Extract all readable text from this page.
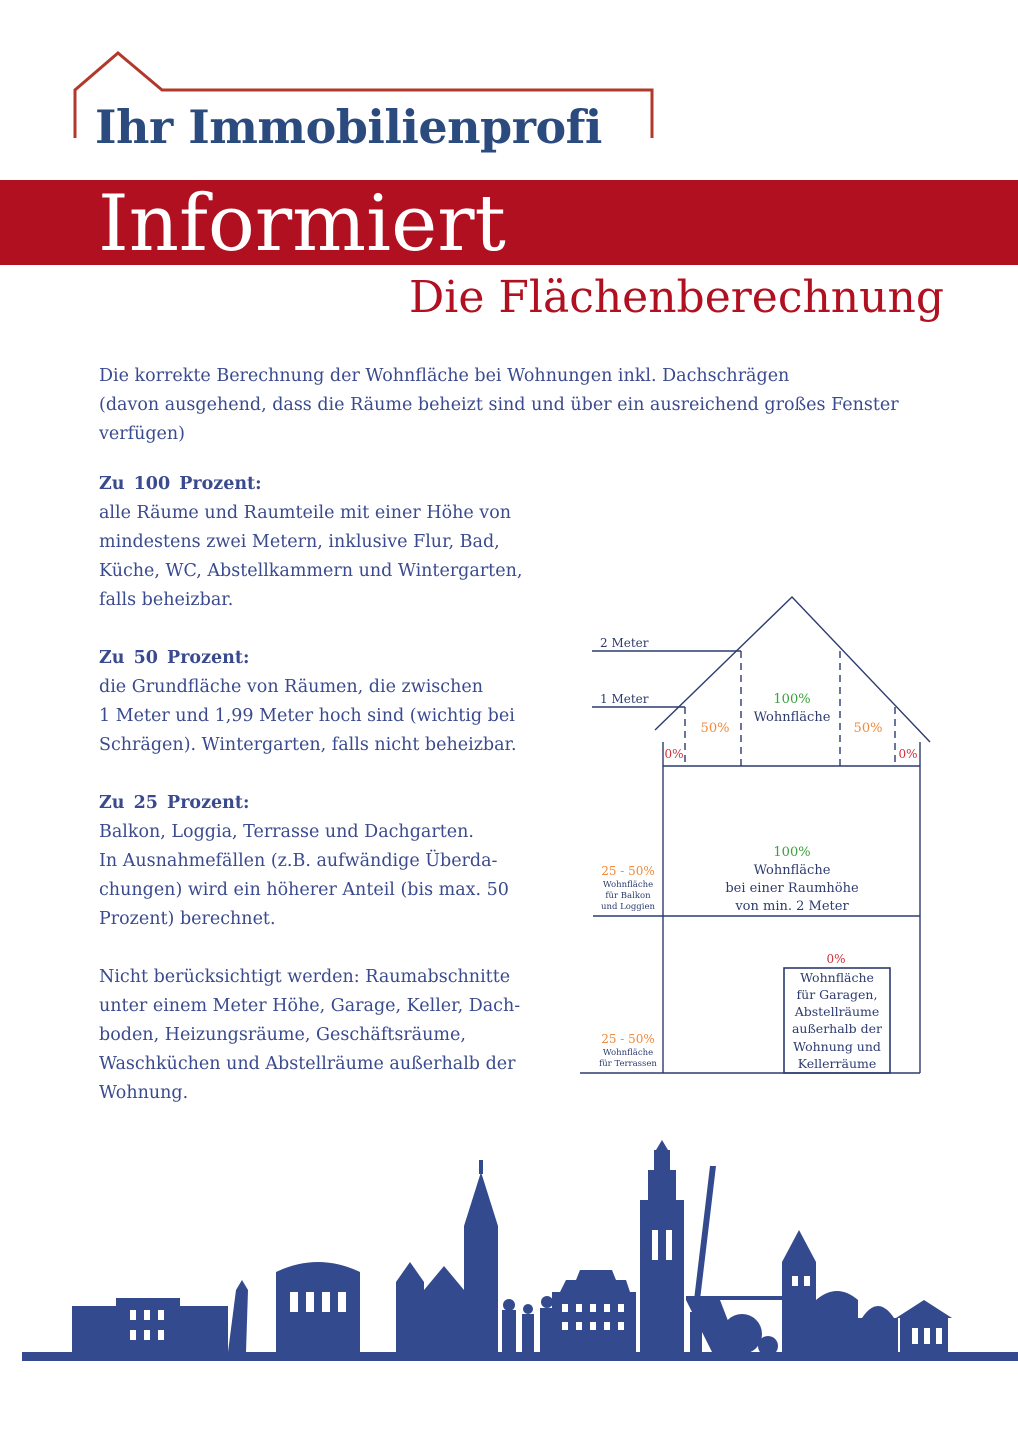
Ihr Immobilienprofi
Informiert
Die Flächenberechnung

Die korrekte Berechnung der Wohnfläche bei Wohnungen inkl. Dachschrägen

(davon ausgehend, dass die Räume beheizt sind und über ein ausreichend großes Fenster

verfügen)

Zu 100 Prozent:
alle Räume und Raumteile mit einer Höhe von
mindestens zwei Metern, inklusive Flur, Bad,
Küche, WC, Abstellkammern und Wintergarten,
falls beheizbar.
Zu 50 Prozent:
die Grundfläche von Räumen, die zwischen
1 Meter und 1,99 Meter hoch sind (wichtig bei
Schrägen). Wintergarten, falls nicht beheizbar.
Zu 25 Prozent:
Balkon, Loggia, Terrasse und Dachgarten.
In Ausnahmefällen (z.B. aufwändige Überda-
chungen) wird ein höherer Anteil (bis max. 50
Prozent) berechnet.
Nicht berücksichtigt werden: Raumabschnitte
unter einem Meter Höhe, Garage, Keller, Dach-
boden, Heizungsräume, Geschäftsräume,
Waschküchen und Abstellräume außerhalb der
Wohnung.
2 Meter
1 Meter	100%
Wohnfläche
50%	50%
0%	0%
100%
Wohnfläche
bei einer Raumhöhe
von min. 2 Meter
25 - 50%
Wohnfläche
für Balkon
und Loggien
25 - 50%
Wohnfläche
für Terrassen
0%
Wohnfläche
für Garagen,
Abstellräume
außerhalb der
Wohnung und
Kellerräume
